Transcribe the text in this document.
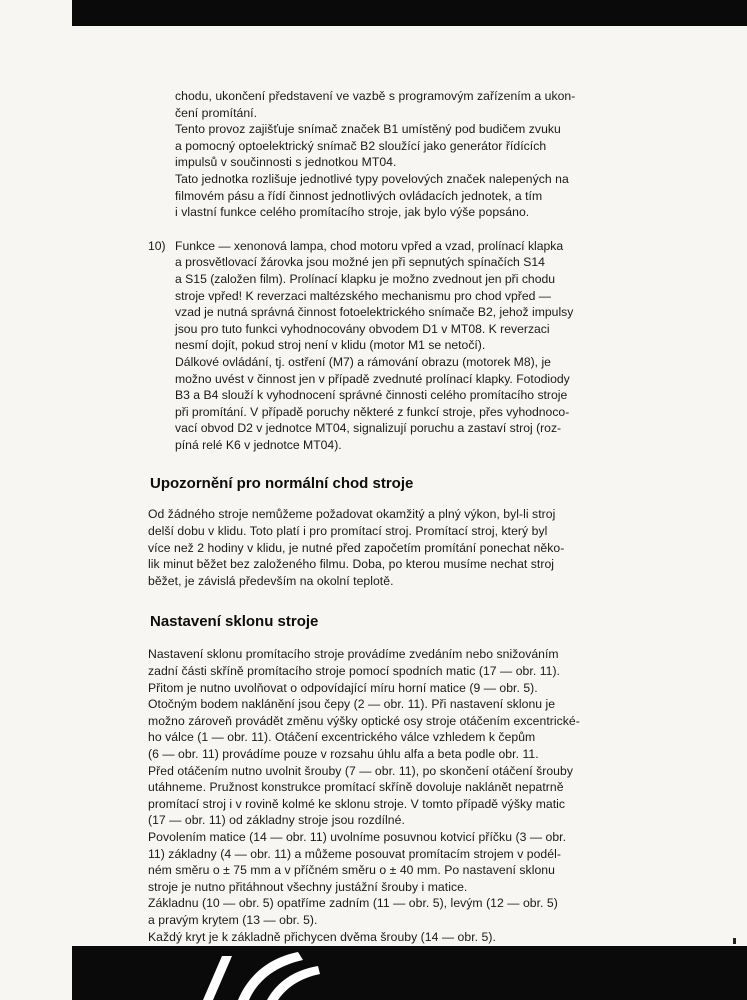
chodu, ukončení představení ve vazbě s programovým zařízením a ukon-

čení promítání.

Tento provoz zajišťuje snímač značek B1 umístěný pod budičem zvuku

a pomocný optoelektrický snímač B2 sloužící jako generátor řídících

impulsů v součinnosti s jednotkou MT04.

Tato jednotka rozlišuje jednotlivé typy povelových značek nalepených na

filmovém pásu a řídí činnost jednotlivých ovládacích jednotek, a tím

i vlastní funkce celého promítacího stroje, jak bylo výše popsáno.

10) Funkce — xenonová lampa, chod motoru vpřed a vzad, prolínací klapka

a prosvětlovací žárovka jsou možné jen při sepnutých spínačích S14

a S15 (založen film). Prolínací klapku je možno zvednout jen při chodu

stroje vpřed! K reverzaci maltézského mechanismu pro chod vpřed —

vzad je nutná správná činnost fotoelektrického snímače B2, jehož impulsy

jsou pro tuto funkci vyhodnocovány obvodem D1 v MT08. K reverzaci

nesmí dojít, pokud stroj není v klidu (motor M1 se netočí).

Dálkové ovládání, tj. ostření (M7) a rámování obrazu (motorek M8), je

možno uvést v činnost jen v případě zvednuté prolínací klapky. Fotodiody

B3 a B4 slouží k vyhodnocení správné činnosti celého promítacího stroje

při promítání. V případě poruchy některé z funkcí stroje, přes vyhodnoco-

vací obvod D2 v jednotce MT04, signalizují poruchu a zastaví stroj (roz-

píná relé K6 v jednotce MT04).

Upozornění pro normální chod stroje

Od žádného stroje nemůžeme požadovat okamžitý a plný výkon, byl-li stroj

delší dobu v klidu. Toto platí i pro promítací stroj. Promítací stroj, který byl

více než 2 hodiny v klidu, je nutné před započetím promítání ponechat něko-

lik minut běžet bez založeného filmu. Doba, po kterou musíme nechat stroj

běžet, je závislá především na okolní teplotě.

Nastavení sklonu stroje

Nastavení sklonu promítacího stroje provádíme zvedáním nebo snižováním

zadní části skříně promítacího stroje pomocí spodních matic (17 — obr. 11).

Přitom je nutno uvolňovat o odpovídající míru horní matice (9 — obr. 5).

Otočným bodem naklánění jsou čepy (2 — obr. 11). Při nastavení sklonu je

možno zároveň provádět změnu výšky optické osy stroje otáčením excentrické-

ho válce (1 — obr. 11). Otáčení excentrického válce vzhledem k čepům

(6 — obr. 11) provádíme pouze v rozsahu úhlu alfa a beta podle obr. 11.

Před otáčením nutno uvolnit šrouby (7 — obr. 11), po skončení otáčení šrouby

utáhneme. Pružnost konstrukce promítací skříně dovoluje naklánět nepatrně

promítací stroj i v rovině kolmé ke sklonu stroje. V tomto případě výšky matic

(17 — obr. 11) od základny stroje jsou rozdílné.

Povolením matice (14 — obr. 11) uvolníme posuvnou kotvicí příčku (3 — obr.

11) základny (4 — obr. 11) a můžeme posouvat promítacím strojem v podél-

ném směru o ± 75 mm a v příčném směru o ± 40 mm. Po nastavení sklonu

stroje je nutno přitáhnout všechny justážní šrouby i matice.

Základnu (10 — obr. 5) opatříme zadním (11 — obr. 5), levým (12 — obr. 5)

a pravým krytem (13 — obr. 5).

Každý kryt je k základně přichycen dvěma šrouby (14 — obr. 5).
